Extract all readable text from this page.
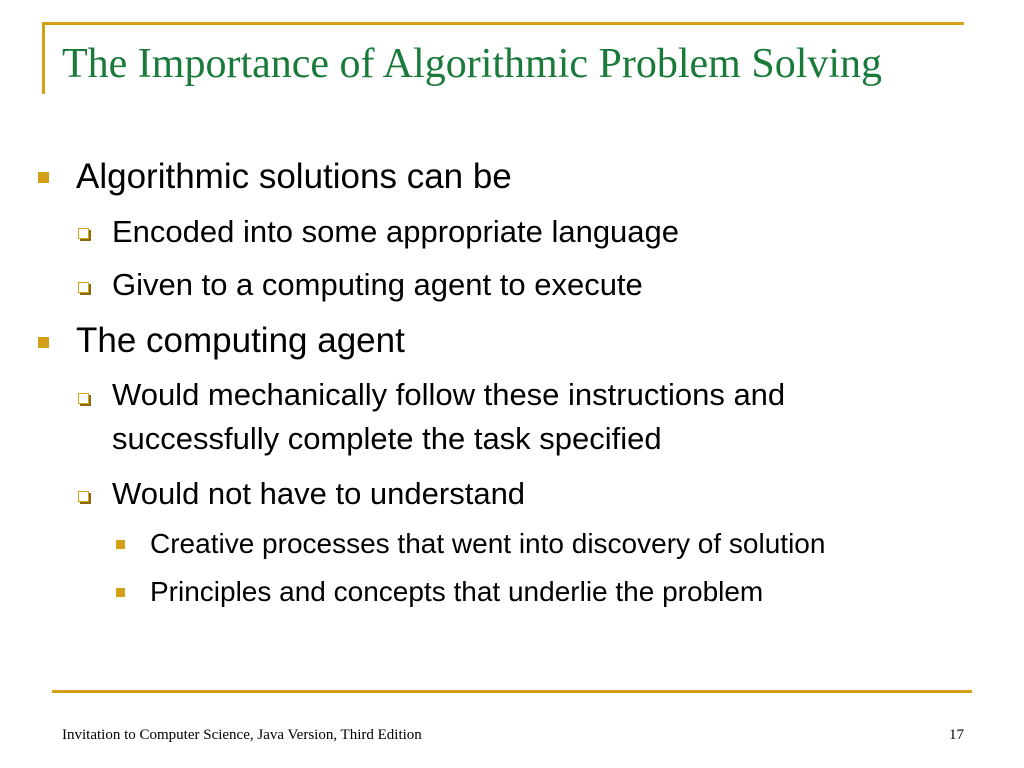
The Importance of Algorithmic Problem Solving
Algorithmic solutions can be
Encoded into some appropriate language
Given to a computing agent to execute
The computing agent
Would mechanically follow these instructions and
successfully complete the task specified
Would not have to understand
Creative processes that went into discovery of solution
Principles and concepts that underlie the problem
Invitation to Computer Science, Java Version, Third Edition	17
